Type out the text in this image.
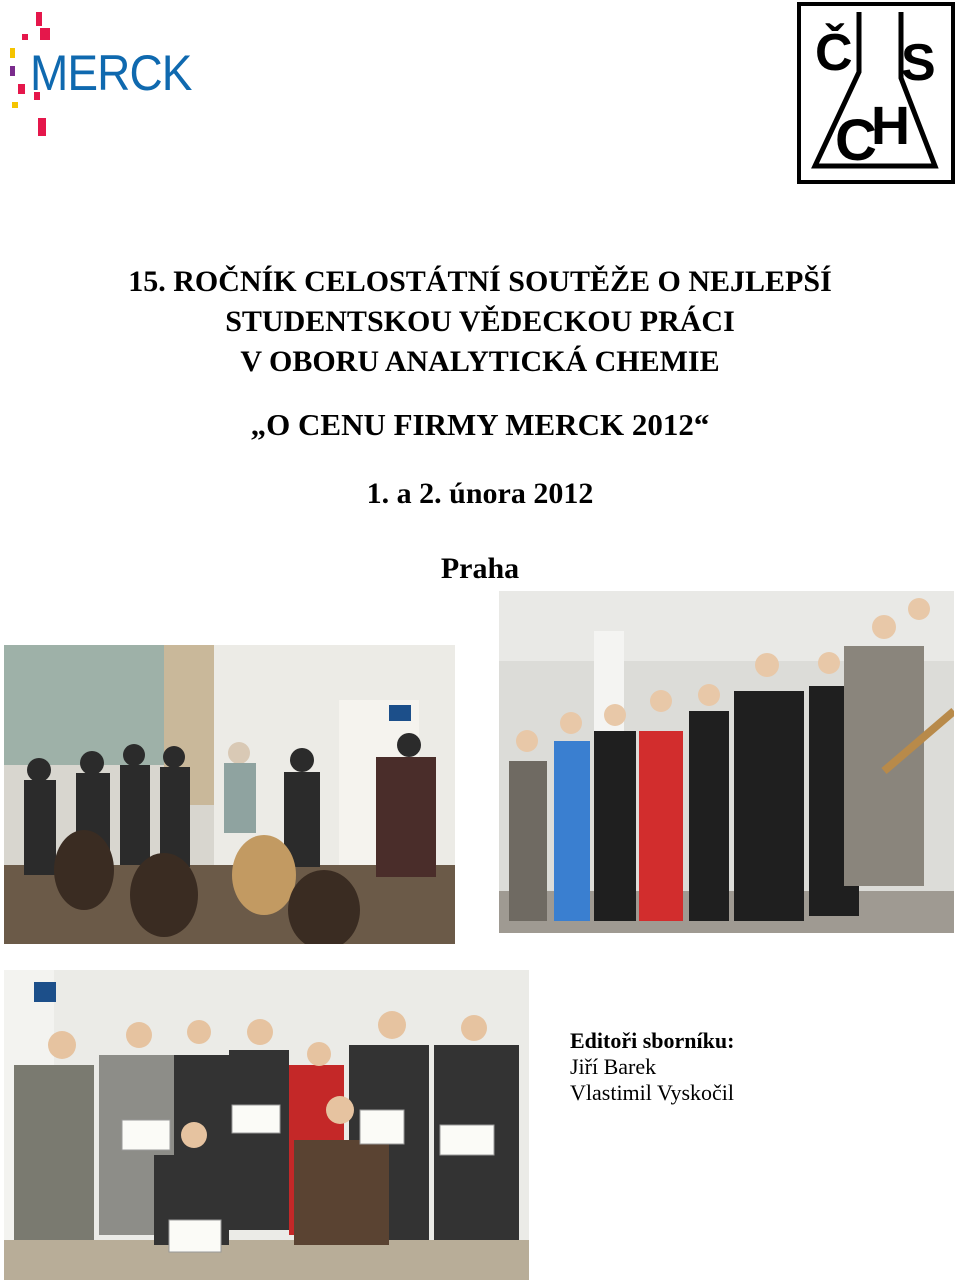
MERCK	Č S
C
H
15. ROČNÍK CELOSTÁTNÍ SOUTĚŽE O NEJLEPŠÍ
STUDENTSKOU VĚDECKOU PRÁCI
V OBORU ANALYTICKÁ CHEMIE
„O CENU FIRMY MERCK 2012“
1. a 2. února 2012
Praha
Editoři sborníku:
Jiří Barek
Vlastimil Vyskočil
